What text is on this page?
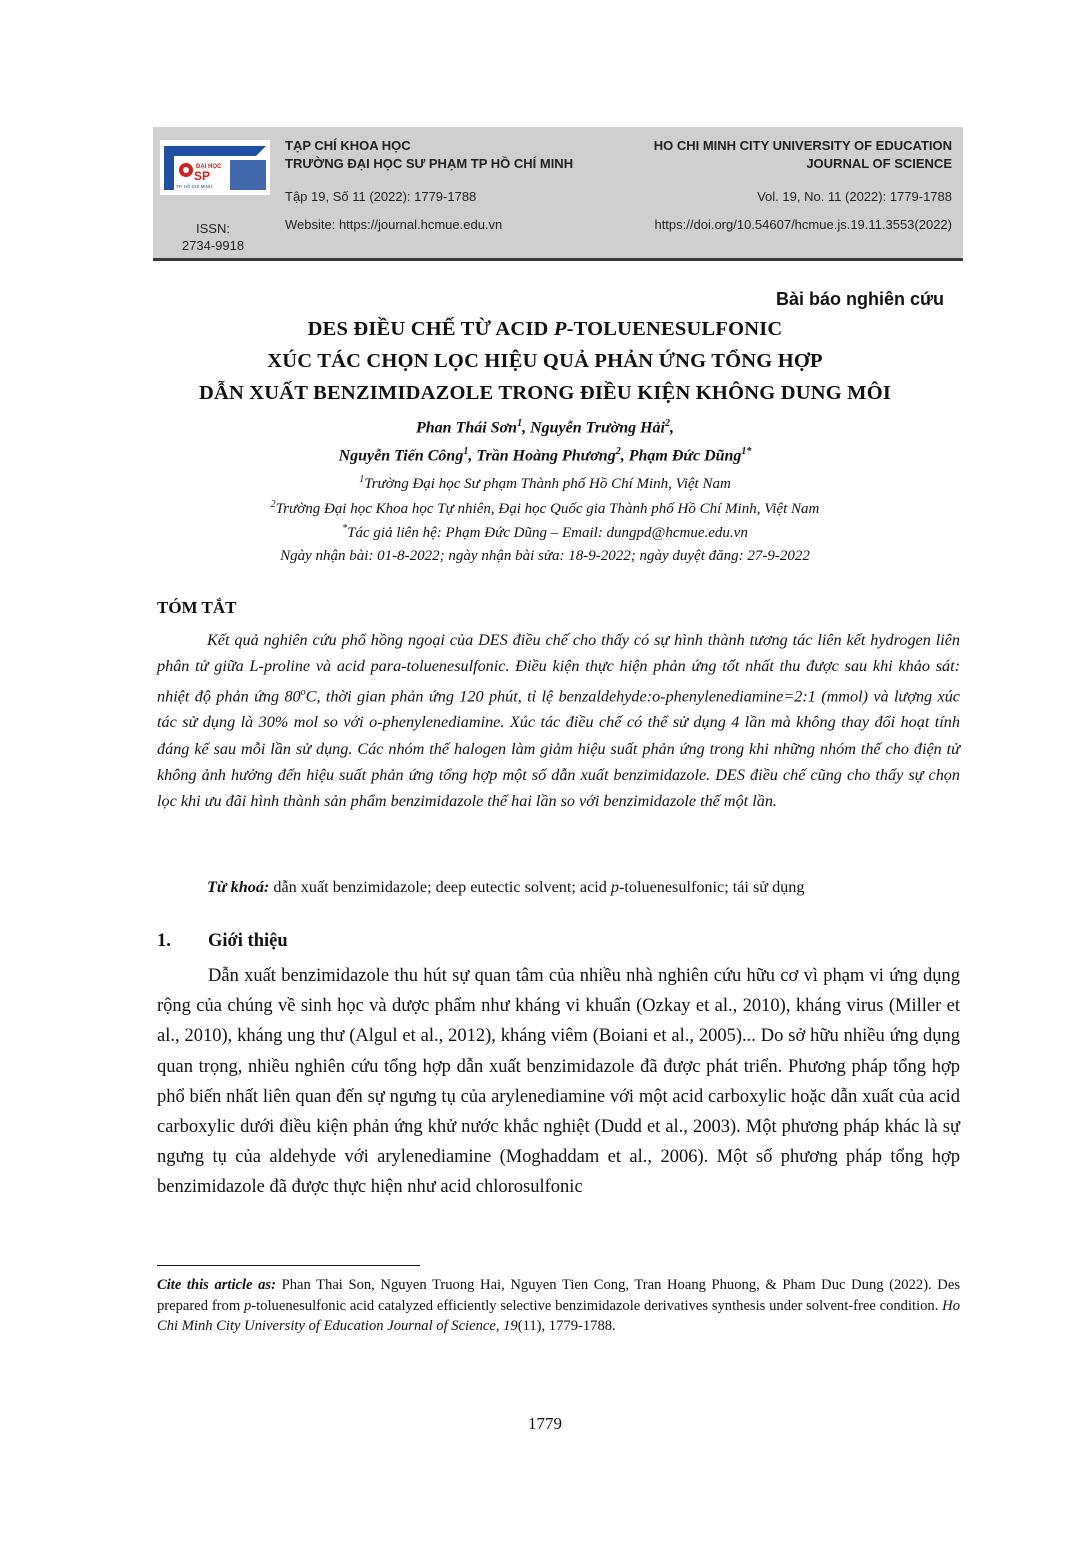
ĐẠI HỌC
SP
TP. HỒ CHÍ MINH
ISSN:
2734-9918
TẠP CHÍ KHOA HỌC
TRƯỜNG ĐẠI HỌC SƯ PHẠM TP HỒ CHÍ MINH
Tập 19, Số 11 (2022): 1779-1788
Website: https://journal.hcmue.edu.vn
HO CHI MINH CITY UNIVERSITY OF EDUCATION
JOURNAL OF SCIENCE
Vol. 19, No. 11 (2022): 1779-1788
https://doi.org/10.54607/hcmue.js.19.11.3553(2022)
Bài báo nghiên cứu
DES ĐIỀU CHẾ TỪ ACID P-TOLUENESULFONIC
XÚC TÁC CHỌN LỌC HIỆU QUẢ PHẢN ỨNG TỔNG HỢP
DẪN XUẤT BENZIMIDAZOLE TRONG ĐIỀU KIỆN KHÔNG DUNG MÔI
Phan Thái Sơn$^1$, Nguyễn Trường Hải$^2$,
Nguyễn Tiến Công$^1$, Trần Hoàng Phương$^2$, Phạm Đức Dũng$^{1*}$
$^1$Trường Đại học Sư phạm Thành phố Hồ Chí Minh, Việt Nam
$^2$Trường Đại học Khoa học Tự nhiên, Đại học Quốc gia Thành phố Hồ Chí Minh, Việt Nam
*Tác giả liên hệ: Phạm Đức Dũng – Email: dungpd@hcmue.edu.vn
Ngày nhận bài: 01-8-2022; ngày nhận bài sửa: 18-9-2022; ngày duyệt đăng: 27-9-2022
TÓM TẮT

Kết quả nghiên cứu phổ hồng ngoại của DES điều chế cho thấy có sự hình thành tương tác liên kết hydrogen liên phân tử giữa L-proline và acid para-toluenesulfonic. Điều kiện thực hiện phản ứng tốt nhất thu được sau khi khảo sát: nhiệt độ phản ứng 80$^o$C, thời gian phản ứng 120 phút, tỉ lệ benzaldehyde:o-phenylenediamine=2:1 (mmol) và lượng xúc tác sử dụng là 30% mol so với o-phenylenediamine. Xúc tác điều chế có thể sử dụng 4 lần mà không thay đổi hoạt tính đáng kể sau mỗi lần sử dụng. Các nhóm thế halogen làm giảm hiệu suất phản ứng trong khi những nhóm thế cho điện tử không ảnh hưởng đến hiệu suất phản ứng tổng hợp một số dẫn xuất benzimidazole. DES điều chế cũng cho thấy sự chọn lọc khi ưu đãi hình thành sản phẩm benzimidazole thế hai lần so với benzimidazole thế một lần.

Từ khoá: dẫn xuất benzimidazole; deep eutectic solvent; acid p-toluenesulfonic; tái sử dụng
1. Giới thiệu

Dẫn xuất benzimidazole thu hút sự quan tâm của nhiều nhà nghiên cứu hữu cơ vì phạm vi ứng dụng rộng của chúng về sinh học và dược phẩm như kháng vi khuẩn (Ozkay et al., 2010), kháng virus (Miller et al., 2010), kháng ung thư (Algul et al., 2012), kháng viêm (Boiani et al., 2005)... Do sở hữu nhiều ứng dụng quan trọng, nhiều nghiên cứu tổng hợp dẫn xuất benzimidazole đã được phát triển. Phương pháp tổng hợp phổ biến nhất liên quan đến sự ngưng tụ của arylenediamine với một acid carboxylic hoặc dẫn xuất của acid carboxylic dưới điều kiện phản ứng khử nước khắc nghiệt (Dudd et al., 2003). Một phương pháp khác là sự ngưng tụ của aldehyde với arylenediamine (Moghaddam et al., 2006). Một số phương pháp tổng hợp benzimidazole đã được thực hiện như acid chlorosulfonic

Cite this article as: Phan Thai Son, Nguyen Truong Hai, Nguyen Tien Cong, Tran Hoang Phuong, & Pham Duc Dung (2022). Des prepared from p-toluenesulfonic acid catalyzed efficiently selective benzimidazole derivatives synthesis under solvent-free condition. Ho Chi Minh City University of Education Journal of Science, 19(11), 1779-1788.

1779
